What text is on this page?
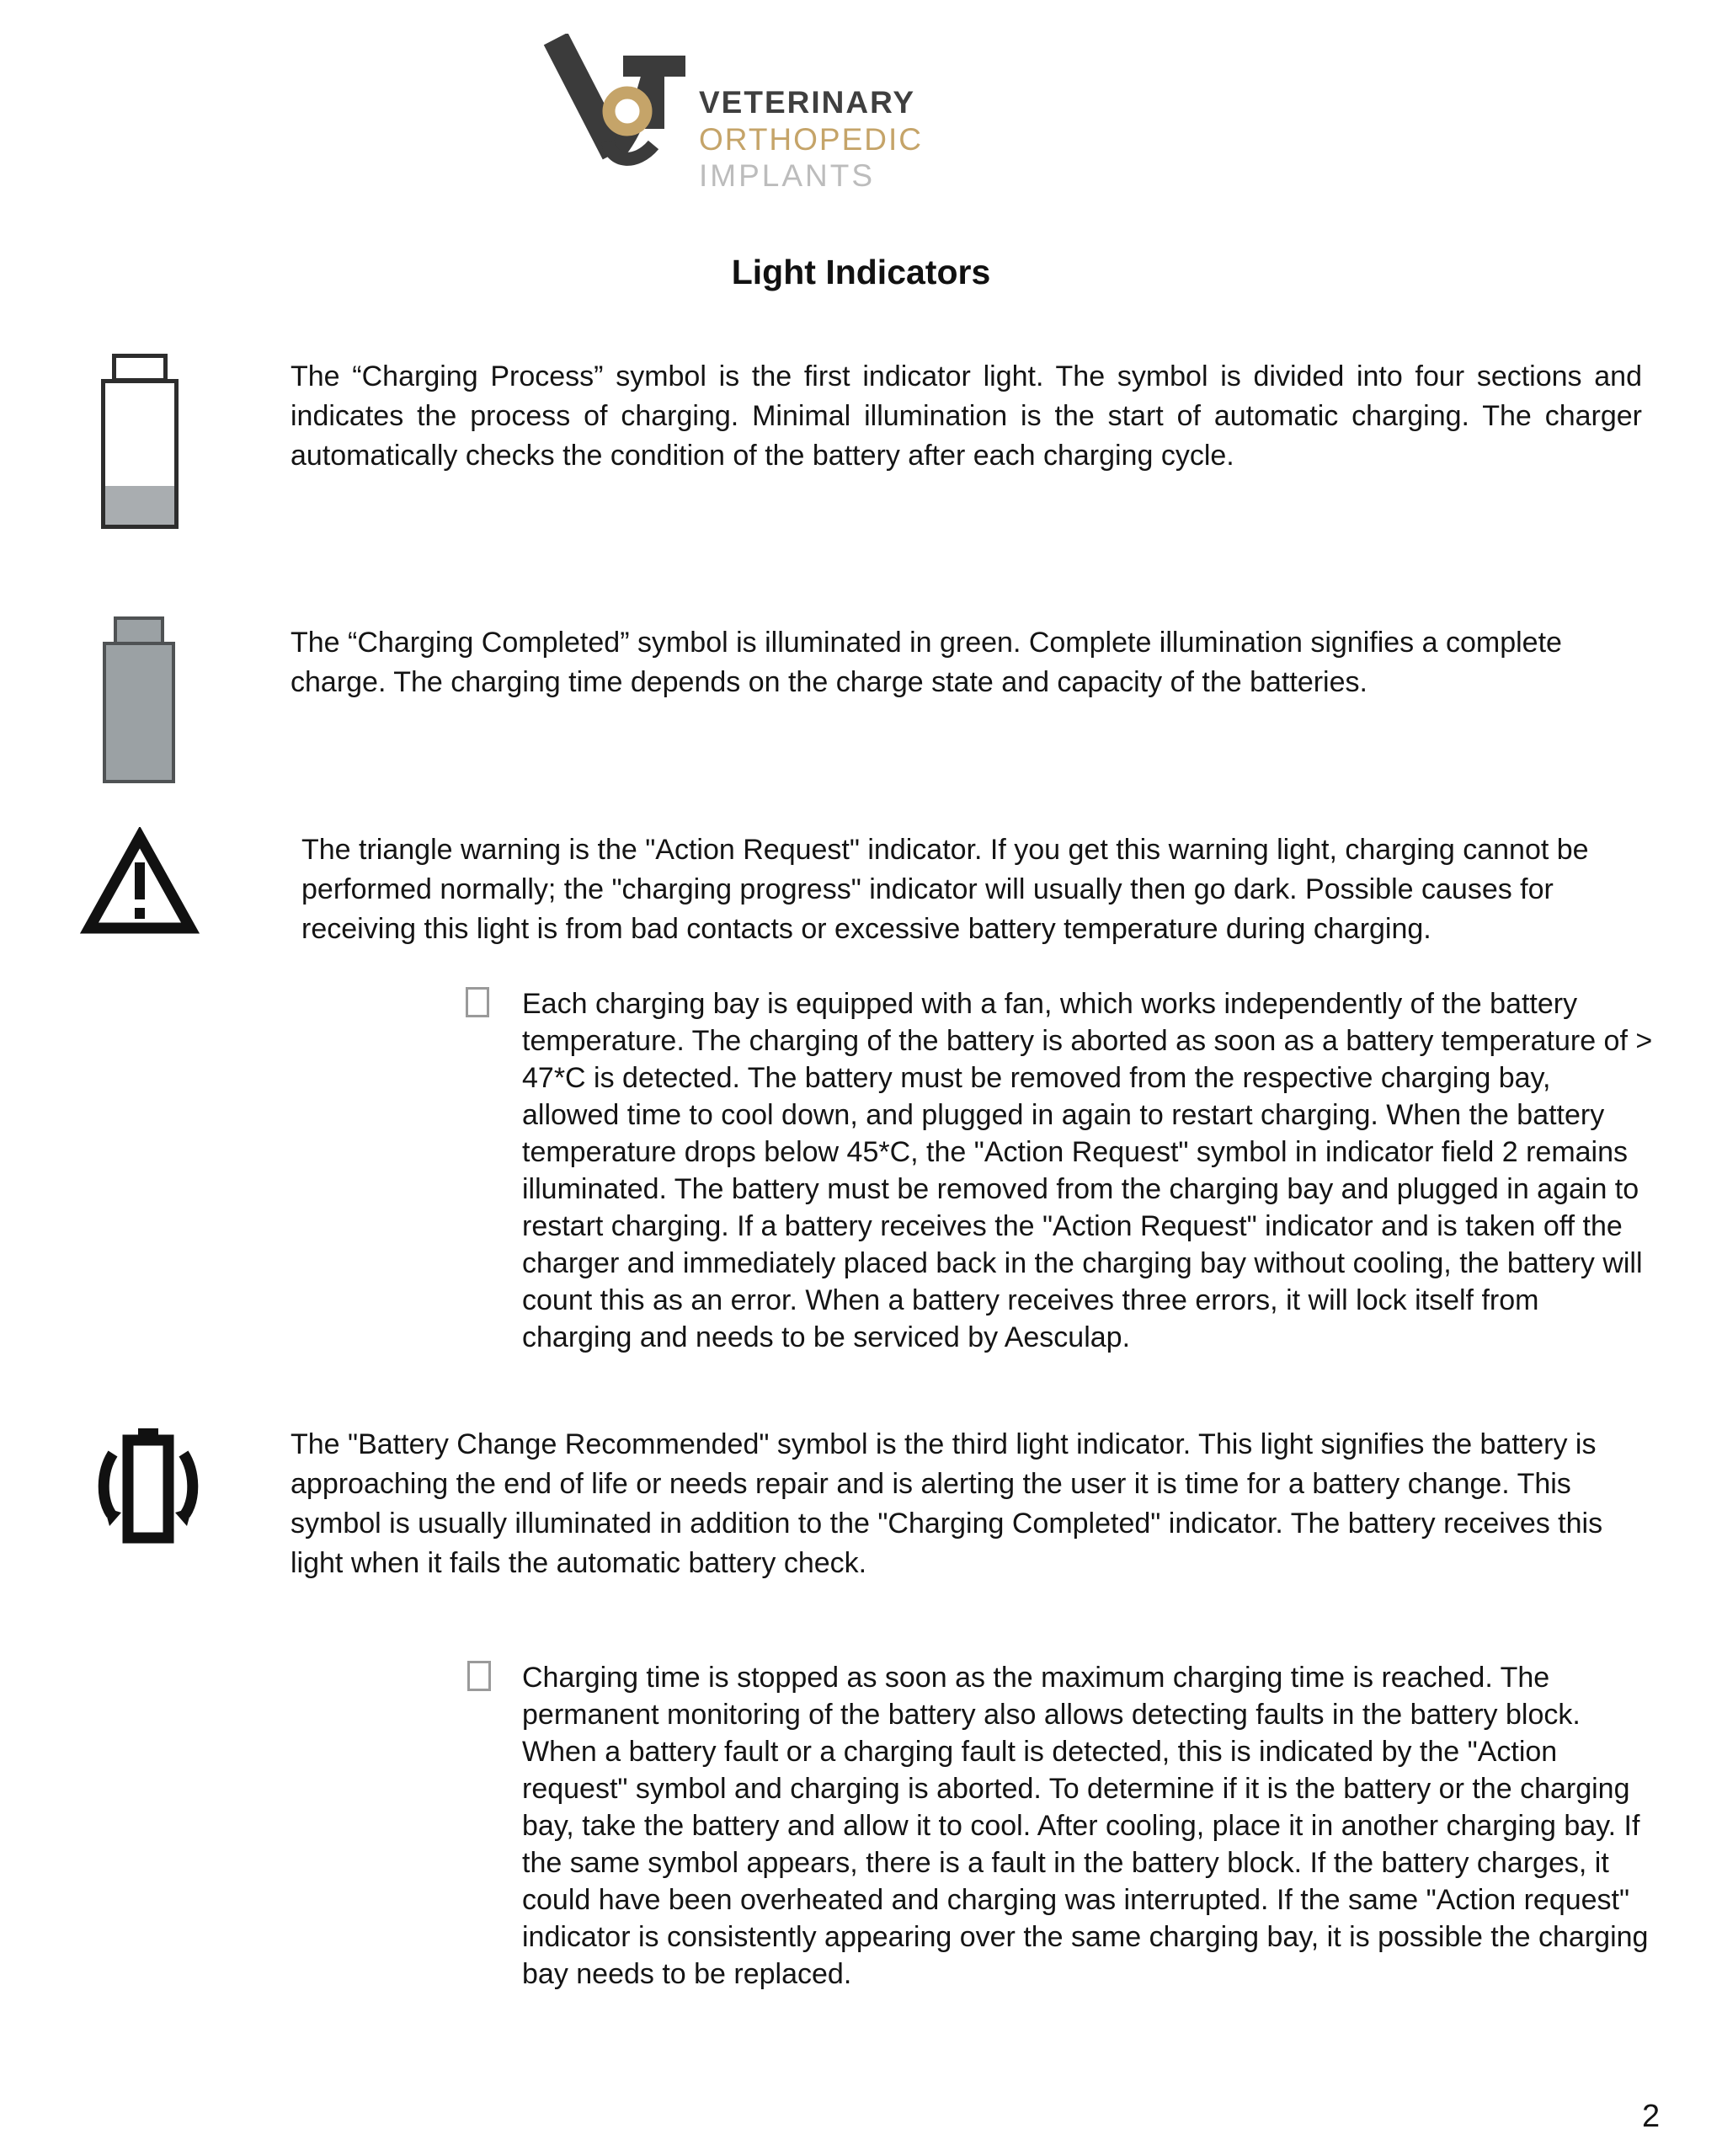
VETERINARY
ORTHOPEDIC
IMPLANTS
Light Indicators
The “Charging Process” symbol is the first indicator light. The symbol is divided into four sections and indicates the process of charging. Minimal illumination is the start of automatic charging. The charger automatically checks the condition of the battery after each charging cycle.
The “Charging Completed” symbol is illuminated in green. Complete illumination signifies a complete charge. The charging time depends on the charge state and capacity of the batteries.
The triangle warning is the "Action Request" indicator. If you get this warning light, charging cannot be performed normally; the "charging progress" indicator will usually then go dark. Possible causes for receiving this light is from bad contacts or excessive battery temperature during charging.
Each charging bay is equipped with a fan, which works independently of the battery temperature. The charging of the battery is aborted as soon as a battery temperature of > 47*C is detected. The battery must be removed from the respective charging bay, allowed time to cool down, and plugged in again to restart charging. When the battery temperature drops below 45*C, the "Action Request" symbol in indicator field 2 remains illuminated. The battery must be removed from the charging bay and plugged in again to restart charging. If a battery receives the "Action Request" indicator and is taken off the charger and immediately placed back in the charging bay without cooling, the battery will count this as an error. When a battery receives three errors, it will lock itself from charging and needs to be serviced by Aesculap.
The "Battery Change Recommended" symbol is the third light indicator. This light signifies the battery is approaching the end of life or needs repair and is alerting the user it is time for a battery change. This symbol is usually illuminated in addition to the "Charging Completed" indicator. The battery receives this light when it fails the automatic battery check.
Charging time is stopped as soon as the maximum charging time is reached. The permanent monitoring of the battery also allows detecting faults in the battery block. When a battery fault or a charging fault is detected, this is indicated by the "Action request" symbol and charging is aborted. To determine if it is the battery or the charging bay, take the battery and allow it to cool. After cooling, place it in another charging bay. If the same symbol appears, there is a fault in the battery block. If the battery charges, it could have been overheated and charging was interrupted. If the same "Action request" indicator is consistently appearing over the same charging bay, it is possible the charging bay needs to be replaced.
2
